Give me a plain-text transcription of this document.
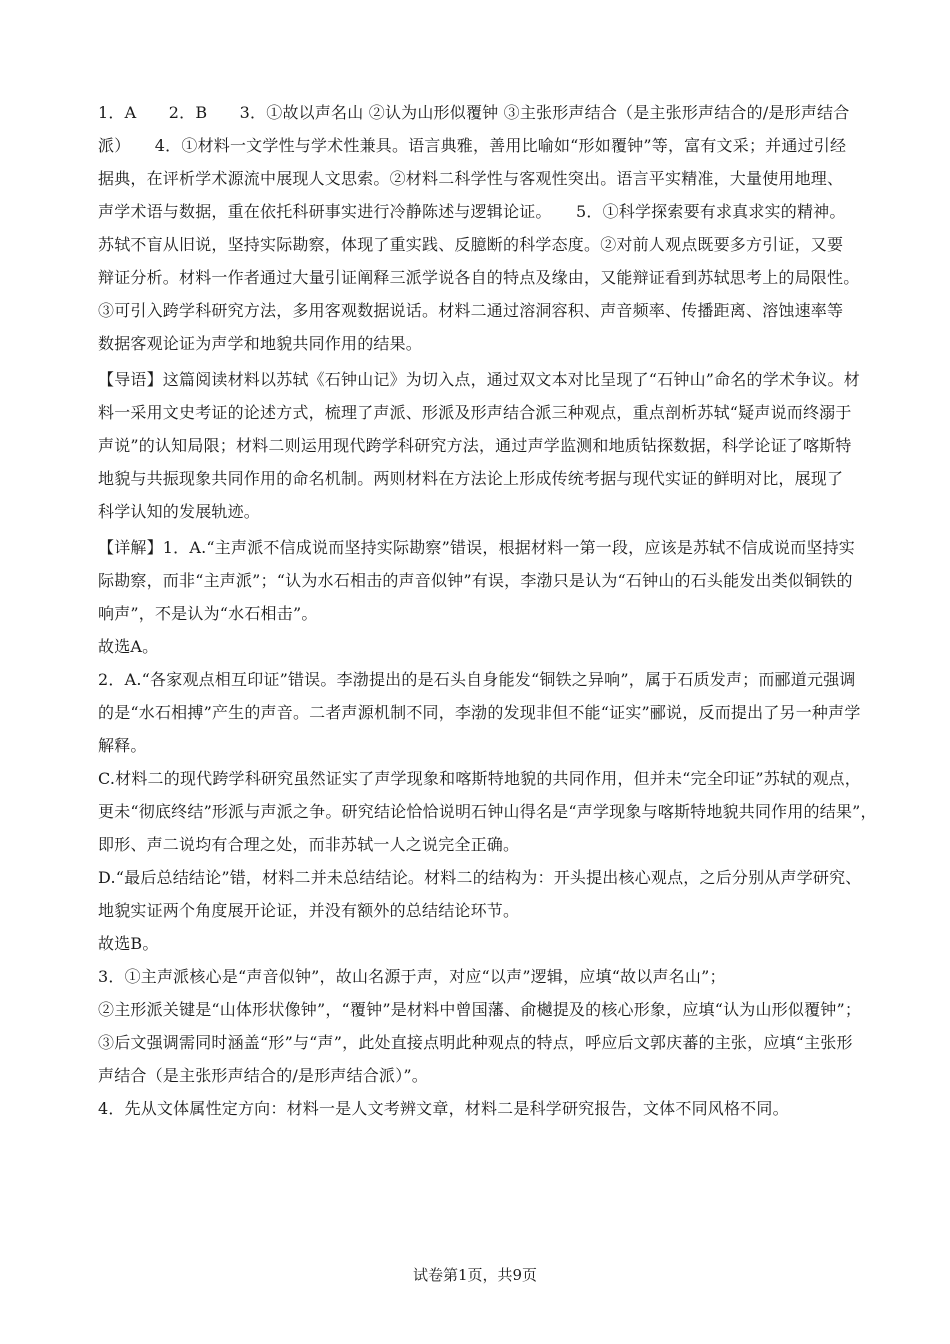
1．A　　2．B　　3．①故以声名山 ②认为山形似覆钟 ③主张形声结合（是主张形声结合的/是形声结合
派）　　4．①材料一文学性与学术性兼具。语言典雅，善用比喻如“形如覆钟”等，富有文采；并通过引经
据典，在评析学术源流中展现人文思索。②材料二科学性与客观性突出。语言平实精准，大量使用地理、
声学术语与数据，重在依托科研事实进行冷静陈述与逻辑论证。　　5．①科学探索要有求真求实的精神。
苏轼不盲从旧说，坚持实际勘察，体现了重实践、反臆断的科学态度。②对前人观点既要多方引证，又要
辩证分析。材料一作者通过大量引证阐释三派学说各自的特点及缘由，又能辩证看到苏轼思考上的局限性。
③可引入跨学科研究方法，多用客观数据说话。材料二通过溶洞容积、声音频率、传播距离、溶蚀速率等
数据客观论证为声学和地貌共同作用的结果。
【导语】这篇阅读材料以苏轼《石钟山记》为切入点，通过双文本对比呈现了“石钟山”命名的学术争议。材
料一采用文史考证的论述方式，梳理了声派、形派及形声结合派三种观点，重点剖析苏轼“疑声说而终溺于
声说”的认知局限；材料二则运用现代跨学科研究方法，通过声学监测和地质钻探数据，科学论证了喀斯特
地貌与共振现象共同作用的命名机制。两则材料在方法论上形成传统考据与现代实证的鲜明对比，展现了
科学认知的发展轨迹。
【详解】1．A.“主声派不信成说而坚持实际勘察”错误，根据材料一第一段，应该是苏轼不信成说而坚持实
际勘察，而非“主声派”；“认为水石相击的声音似钟”有误，李渤只是认为“石钟山的石头能发出类似铜铁的
响声”，不是认为“水石相击”。
故选A。
2．A.“各家观点相互印证”错误。李渤提出的是石头自身能发“铜铁之异响”，属于石质发声；而郦道元强调
的是“水石相搏”产生的声音。二者声源机制不同，李渤的发现非但不能“证实”郦说，反而提出了另一种声学
解释。
C.材料二的现代跨学科研究虽然证实了声学现象和喀斯特地貌的共同作用，但并未“完全印证”苏轼的观点，
更未“彻底终结”形派与声派之争。研究结论恰恰说明石钟山得名是“声学现象与喀斯特地貌共同作用的结果”，
即形、声二说均有合理之处，而非苏轼一人之说完全正确。
D.“最后总结结论”错，材料二并未总结结论。材料二的结构为：开头提出核心观点，之后分别从声学研究、
地貌实证两个角度展开论证，并没有额外的总结结论环节。
故选B。
3．①主声派核心是“声音似钟”，故山名源于声，对应“以声”逻辑，应填“故以声名山”；
②主形派关键是“山体形状像钟”，“覆钟”是材料中曾国藩、俞樾提及的核心形象，应填“认为山形似覆钟”；
③后文强调需同时涵盖“形”与“声”，此处直接点明此种观点的特点，呼应后文郭庆蕃的主张，应填“主张形
声结合（是主张形声结合的/是形声结合派）”。
4．先从文体属性定方向：材料一是人文考辨文章，材料二是科学研究报告，文体不同风格不同。
试卷第1页，共9页
